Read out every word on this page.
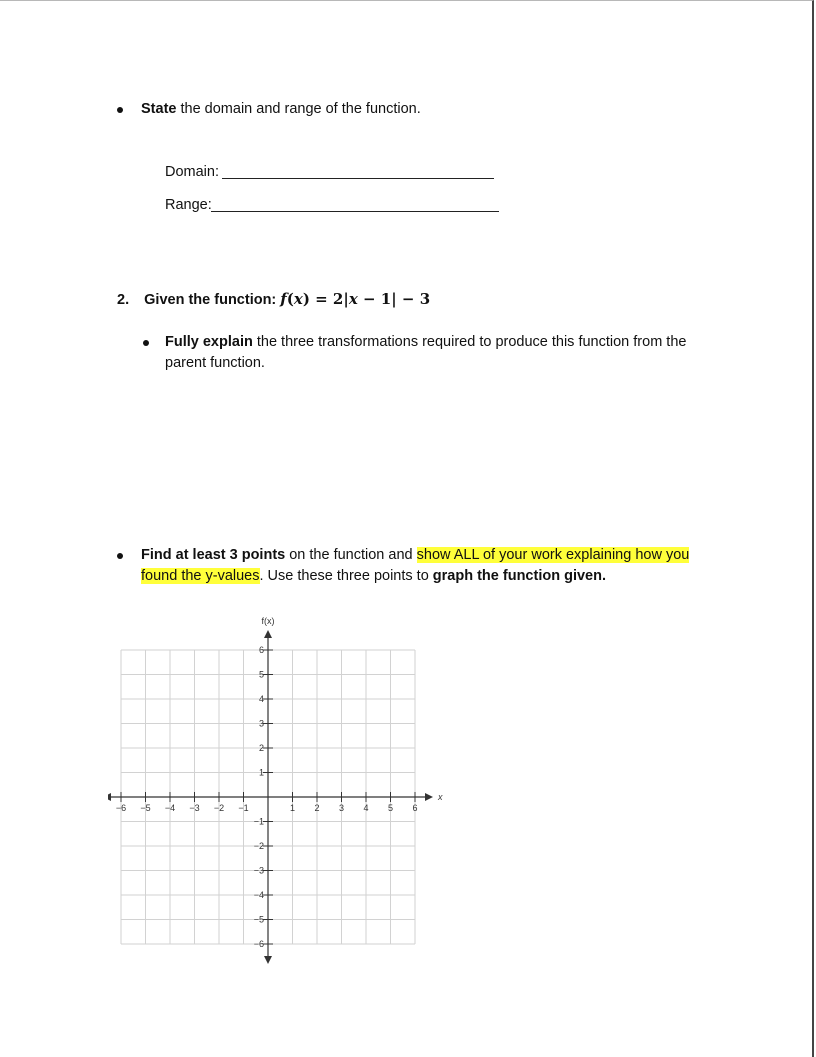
State the domain and range of the function.
Domain:
Range:
2. Given the function: f(x) = 2|x − 1| − 3
Fully explain the three transformations required to produce this function from the
parent function.
Find at least 3 points on the function and show ALL of your work explaining how you
found the y-values. Use these three points to graph the function given.
f(x)
x
−6 −5 −4 −3 −2 −1	1 2 3 4 5 6
6
5
4
3
2
1
−1
−2
−3
−4
−5
−6
